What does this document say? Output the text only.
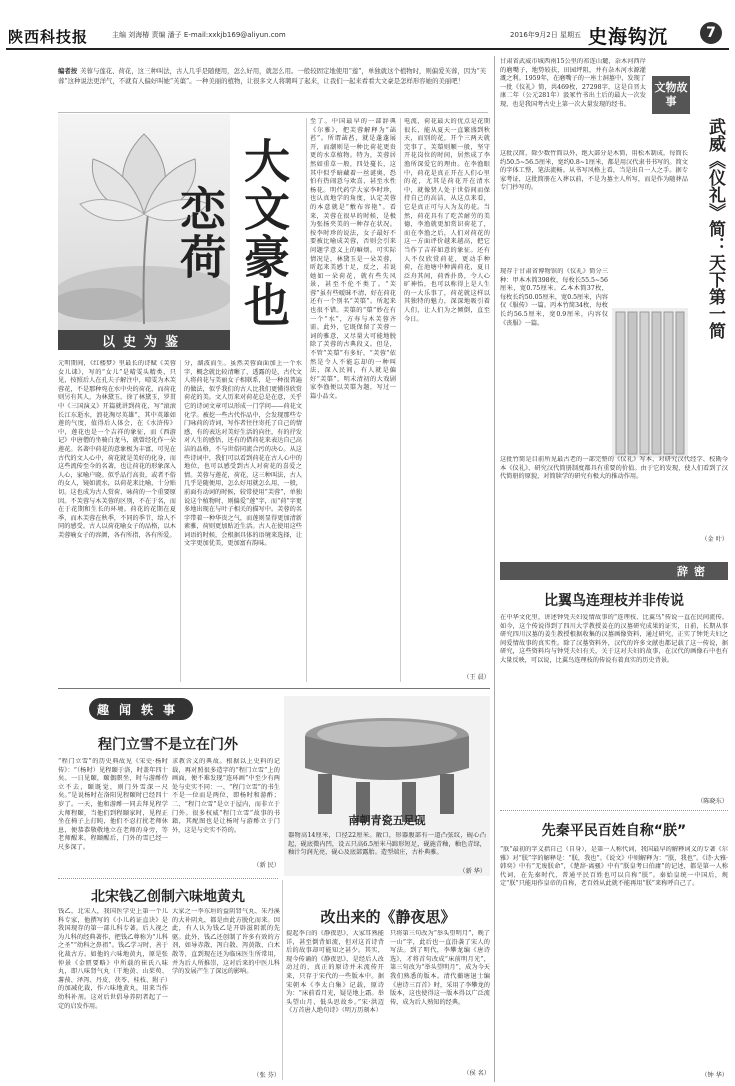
陕西科技报	主编 刘海椿 责编 潘子 E-mail:xxkjb169@aliyun.com	2016年9月2日 星期五 史海钩沉	7
编者按 芙蓉与莲花、荷花，这三种叫法，古人几乎是随便用，怎么好用，就怎么用。一般较固定地使用“莲”，单独就这个植物时，则偏爱芙蓉，因为“芙蓉”这种说法更洋气，不就有人偏好叫她“芙蕖”。一种美丽的植物，让很多文人将聘叫了起来，让我们一起来看看大文豪是怎样形容她的美丽吧！
以史为鉴
大文豪也恋荷
元明期间，《红楼梦》里最长的诗赋《芙蓉女儿诔》，写的“女儿”是晴雯头精类，只见，按照后人在孔夫子解注中，晴雯为木芙蓉花，不是那种宛在水中央的荷花，而荷花则另有其人，为林黛玉。徐了林黛玉，罗贯中《三国演义》开篇就讲到荷花，写“滚滚长江东逝水，浪花淘尽英雄”，其中英雄如莲的气度，值得后人体会，在《水浒传》中，莲花也是一个吉祥的象征，而《西游记》中唐僧的坐骑白龙马，就曾经化作一朵莲花。名著中荷花的意象极为丰富，可见在古代的文人心中，荷花就是美好的化身，而这些流传至今的名著，也让荷花的形象深入人心，家喻户晓。似乎品行高贵，或者不俗的女人，镜如流水，以荷花来比喻，十分贴切。这也成为古人赏荷、咏荷的一个重要原因。不芙蓉与木芙蓉的区别，不在于名，而在于花期和生长的环境。荷花的花期在夏季，而木芙蓉在秋季，不同的季节，给人不同的感受。古人以荷花喻女子的品格，以木芙蓉喻女子的容颜，各有所指，各有所爱。
分，湖波而生。虽然芙蓉面面加上一个水字，概念就比较清晰了，透露的是，古代文人将荷花与美丽女子相联系，是一种很普遍的做法，似乎我们的古人比我们更懂得欣赏荷花的美。文人历来对荷花总是在意，关乎它的诗词文章可以形成一门学问——荷花文化学。被挖一些古代作品中，会发现那些专门咏荷的诗词，写作者往往寄托了自己的情感，有的表达对美好生活的向往，有的抒发对人生的感悟，还有的借荷花来表达自己高洁的品格，不与世俗同流合污的决心。从这些诗词中，我们可以看到荷花在古人心中的地位，也可以感受到古人对荷花的喜爱之情。芙蓉与莲花，荷花，这三种叫法，古人几乎是随便用，怎么好用就怎么用，一般，前面有动词的时候，较常使用“芙蓉”，单独说这个植物时，则偏爱“莲”字，而“荷”字更多地出现在与叶子相关的描写中。芙蓉的名字带着一种华贵之气，而莲则显得更加清新素雅，荷则更加贴近生活。古人在使用这些词语的时候，会根据具体的语境来选择，让文字更加优美，更加富有韵味。
至了。中国最早的一部辞典《尔雅》，把芙蓉解释为“菡萏”。所谓菡萏，就是蓬蓬展开，而潮则是一种比荷花更贵更的水草植物。特为，芙蓉居然如重草一般，四处蔓长，这其中似乎暗藏着一丝谜奥，恐怕有热闹意与欢喜，甚至水性杨花。明代药学大家李时珍，也认真地学的角度，认定芙蓉的本意就是“敷布容艳”。看来，芙蓉在很早的时候，是极为张扬夹美的一种存在状况。按李时珍的说法，女子最好不要被比喻成芙蓉，否则会引来问题学意义上的嘛烦。可实际情况是，林黛玉是一朵芙蓉，昕起来美感十足，反之，若说她如一朵荷花，就有些失风景，甚至不伦不类了。“芙蓉”虽有些暧昧不清，好在荷花还有一个别名“芙蕖”。所起来也很不错。芙蕖的“蕖”妙在有一个“水”，方寿与木芙蓉齐需。此外，它既保留了芙蓉一词的雅意，又尽量大可能地脱除了芙蓉的古典段义。但是，不管“芙蕖”有多好，“芙蓉”依然是令人不能忘却的一种叫法，深入民间，有人就是偏好“芙蕖”，明末清初的大戏剧家李渔便以芙蕖为题，写过一篇小品文。
电流，荷花最大的优点是花期很长，能从夏天一直繁盛到秋天，而别的花，开个三两天就完事了，芙蕖则顺一般，坚守开花岗位的时间，居然成了李渔所深爱它的理由。在李渔眼中，荷花是真正开在人们心里的花，尤其是荷花开在清水中，就像贤人处于世俗间而保持自己的高洁，从这点来看，它是真正可与人为友的花。当然，荷花具有了吃苦耐劳的美德，李渔就更加赏识荷花了，而在李渔之后，人们对荷花的这一方面评价越来越高，把它当作了吉祥如意的象征。还有人不仅欣赏荷花，更动手种荷，在池塘中种满荷花，夏日泛舟其间，荷香扑鼻，令人心旷神怡，也可以称得上是人生的一大乐事了，荷花就这样以其独特的魅力，深深地吸引着人们，让人们为之倾倒，直至今日。
（王 晨）
文物故事
甘肃省武威市城西南15公里的祁连山麓，杂木河西岸的磨嘴子，地势较扶，田园坪阻，并有杂木河水源灌溉之利。1959年，在磨嘴子的一座土洞墓中，发现了一批《仪礼》简，共469枚，27298字，这是自晋太康二年（公元281年）汲冢竹书出土后的最大一次发现，也是我国考古史上第一次大量发现的经书。
武威《仪礼》简：天下第一简
这批汉简，除少数竹简以外，绝大部分是木简，用松木制成，每简长约50.5~56.5厘米，宽约0.8~1厘米，都是用汉代隶书书写的。简文的字体工整，笔法流畅。从书写风格上看，当是出自一人之手。据专家考证，这批简册在入葬以前，不是为墓主人所写，而是作为随葬品专门抄写的。
现存于甘肃省博物馆的《仪礼》简分三种：甲本木简398枚，每枚长55.5~56厘米，宽0.75厘米。乙本木简37枚，每枚长约50.05厘米，宽0.5厘米，内容仅《服传》一篇。丙本竹简34枚，每枚长约56.5厘米，宽0.9厘米，内容仅《丧服》一篇。
这批竹简是目前所见最古老的一部完整的《仪礼》写本，对研究汉代经学、校勘今本《仪礼》、研究汉代简册制度都具有重要的价值。由于它的发现，使人们看到了汉代简册的原貌，对简牍学的研究有极大的推动作用。
（金 叶）
辞密
比翼鸟连理枝并非传说
在中华文化里，讲述钟凭夫妇爱情故事的“连理枝、比翼鸟”传说一直在民间流传。如今，这个传说得到了四川大学教授姜在的汉墓研究成果的证实，日前，长期从事研究四川汉墓的姜生教授根据收集的汉墓画像资料，通过研究，正实了钟凭夫妇之间爱情故事的真实性。除了汉墓资料外，汉代的许多文献也都记载了这一传说，据研究，这些资料均与钟凭夫妇有关，关于这对夫妇的故事，在汉代的画像石中也有大量反映，可以说，比翼鸟连理枝的传说有着真实的历史背景。
（陈晓东）
先秦平民百姓自称“朕”
“朕”最初的字义指自己（自身），是第一人称代词，我国最早的解释词义的专著《尔雅》对“朕”字的解释是：“朕，我也”。《说文》中则解释为：“朕，我也”。《诗·大雅·韩奕》中有“无废朕命”，《楚辞·离骚》中有“朕皇考曰伯庸”的记述，都是第一人称代词，在先秦时代，普通平民百姓也可以自称“朕”。秦始皇统一中国后，规定“朕”只能用作皇帝的自称，老百姓从此就不能再用“朕”来称呼自己了。
（钟 华）
趣闻轶事
程门立雪不是立在门外
“程门立雪”的历史典故见《宋史·杨时传》：“（杨时）见程颐于洛，时盖年四十矣。一日见颐，颐偶瞑坐，时与游酢侍立不去，颐既觉，则门外雪深一尺矣。”是说杨时在洛阳见程颐时已经四十岁了。一天，他和游酢一同去拜见程学大师程颐，当他们到程颐家时，见程正坐在椅子上打盹，他们不忍打扰老师休息，便恭恭敬敬地立在老师的身旁，等老师醒来。程颐醒后，门外的雪已经一尺多深了。
求教含义的典故。根据以上史料的记载，再对照很多造字的“程门立雪”上的画面，便不难发现“连环画”中至少有两处与史实不同：一、“程门立雪”的书生不是一位而是两位，即杨时和游酢；二、“程门立雪”是立于屋内，而非立于门外。很多权威“程门立雪”故事的书籍，其配图也是让杨时与游酢立于门外，这是与史实不符的。
（新 民）
南朝青瓷五足砚
器物高14厘米，口径22厘米。敞口，形器腹部有一道凸弦纹，砚心凸起，砚底微内凹，设五只高6.5厘米马蹄形短足，砚施青釉，釉色青绿，釉汁匀润光亮，砚心及底部露胎。造型端庄，古朴典雅。
（新 华）
北宋钱乙创制六味地黄丸
钱乙，北宋人，我国医学史上第一个儿科专家，他撰写的《小儿药证直诀》是我国现存的第一部儿科专著。后人视之为儿科的经典著作，把钱乙尊称为“儿科之圣”“幼科之鼻祖”。钱乙学习时，善于化裁古方。如他的六味地黄丸，原是张仲景《金匮要略》中所载的崔氏八味丸，即八味肾气丸（干地黄、山茱萸、薯蓣、泽泻、丹皮、茯苓、桂枝、附子）的加减化裁，作六味地黄丸，用来当作幼科补剂。这对后世倡导养阴者起了一定的启发作用。
大家之一李东垣的益阴肾气丸、朱丹溪的大补阴丸，都是由此方脱化而来。因此，有人认为钱乙是开辟滋阴派的先驱。此外，钱乙还创制了许多有效的方剂，如导赤散、泻白散、泻黄散、白术散等，直到现在还为临床医生所常用，并为后人所推崇，这对后来的中医儿科学的发展产生了深远的影响。
（张 芬）
改出来的《静夜思》
提起李白的《静夜思》，大家耳熟能详，甚至倒背如流，但对这首诗背后的故事却可能知之甚少。其实，现今传诵的《静夜思》，是经后人改动过的，真正的原诗并未流传开来，只存于宋代的一些版本中。据宋朝本《李太白集》记载，原诗为：“床前看月光，疑是地上霜。举头望山月，低头思故乡。”宋·洪迈《万首唐人绝句诗》（明万历刻本）
只将第三句改为“举头望明月”，晚了一山”字，此后也一直沿袭了宋人的写法。到了明代，李攀龙编《唐诗选》，才将首句改成“床前明月光”，第三句改为“举头望明月”，成为今天我们熟悉的版本。清代蘅塘退士编《唐诗三百首》时，采用了李攀龙的版本，这也使得这一版本得以广泛流传，成为后人熟知的经典。
（侯 名）
